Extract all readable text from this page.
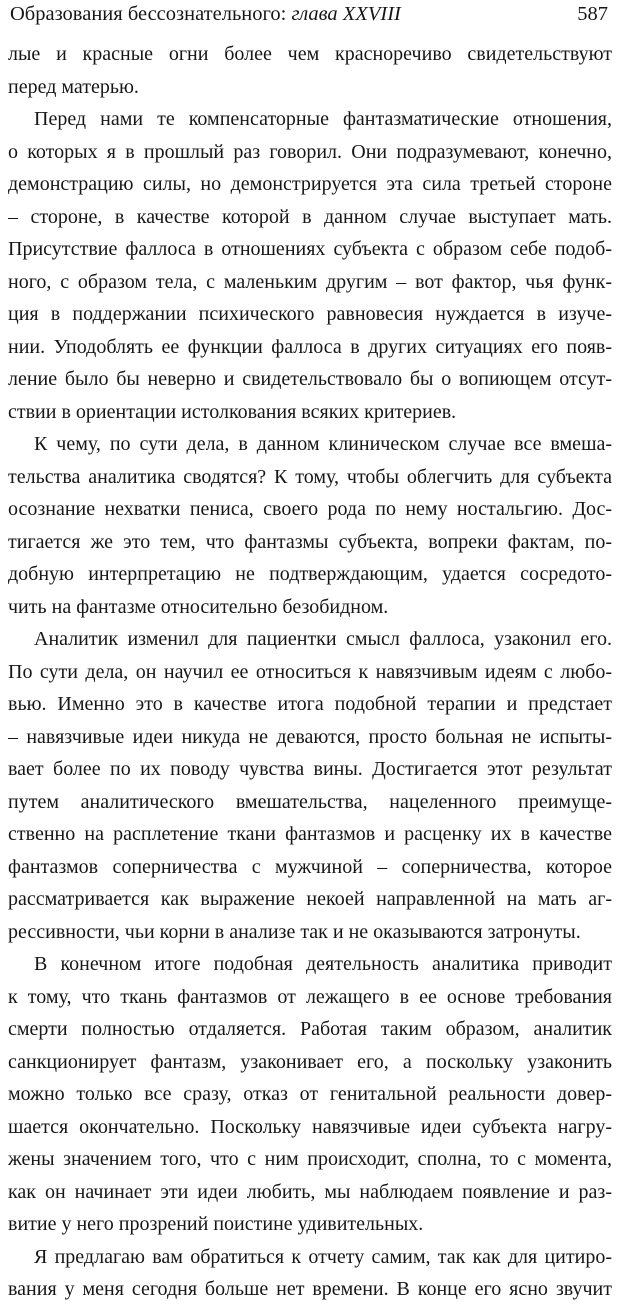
Образования бессознательного: глава XXVIII	587
лые и красные огни более чем красноречиво свидетельствуют
перед матерью.
Перед нами те компенсаторные фантазматические отношения,
о которых я в прошлый раз говорил. Они подразумевают, конечно,
демонстрацию силы, но демонстрируется эта сила третьей стороне
– стороне, в качестве которой в данном случае выступает мать.
Присутствие фаллоса в отношениях субъекта с образом себе подоб-
ного, с образом тела, с маленьким другим – вот фактор, чья функ-
ция в поддержании психического равновесия нуждается в изуче-
нии. Уподоблять ее функции фаллоса в других ситуациях его появ-
ление было бы неверно и свидетельствовало бы о вопиющем отсут-
ствии в ориентации истолкования всяких критериев.
К чему, по сути дела, в данном клиническом случае все вмеша-
тельства аналитика сводятся? К тому, чтобы облегчить для субъекта
осознание нехватки пениса, своего рода по нему ностальгию. Дос-
тигается же это тем, что фантазмы субъекта, вопреки фактам, по-
добную интерпретацию не подтверждающим, удается сосредото-
чить на фантазме относительно безобидном.
Аналитик изменил для пациентки смысл фаллоса, узаконил его.
По сути дела, он научил ее относиться к навязчивым идеям с любо-
вью. Именно это в качестве итога подобной терапии и предстает
– навязчивые идеи никуда не деваются, просто больная не испыты-
вает более по их поводу чувства вины. Достигается этот результат
путем аналитического вмешательства, нацеленного преимуще-
ственно на расплетение ткани фантазмов и расценку их в качестве
фантазмов соперничества с мужчиной – соперничества, которое
рассматривается как выражение некоей направленной на мать аг-
рессивности, чьи корни в анализе так и не оказываются затронуты.
В конечном итоге подобная деятельность аналитика приводит
к тому, что ткань фантазмов от лежащего в ее основе требования
смерти полностью отдаляется. Работая таким образом, аналитик
санкционирует фантазм, узаконивает его, а поскольку узаконить
можно только все сразу, отказ от генитальной реальности довер-
шается окончательно. Поскольку навязчивые идеи субъекта нагру-
жены значением того, что с ним происходит, сполна, то с момента,
как он начинает эти идеи любить, мы наблюдаем появление и раз-
витие у него прозрений поистине удивительных.
Я предлагаю вам обратиться к отчету самим, так как для цитиро-
вания у меня сегодня больше нет времени. В конце его ясно звучит
